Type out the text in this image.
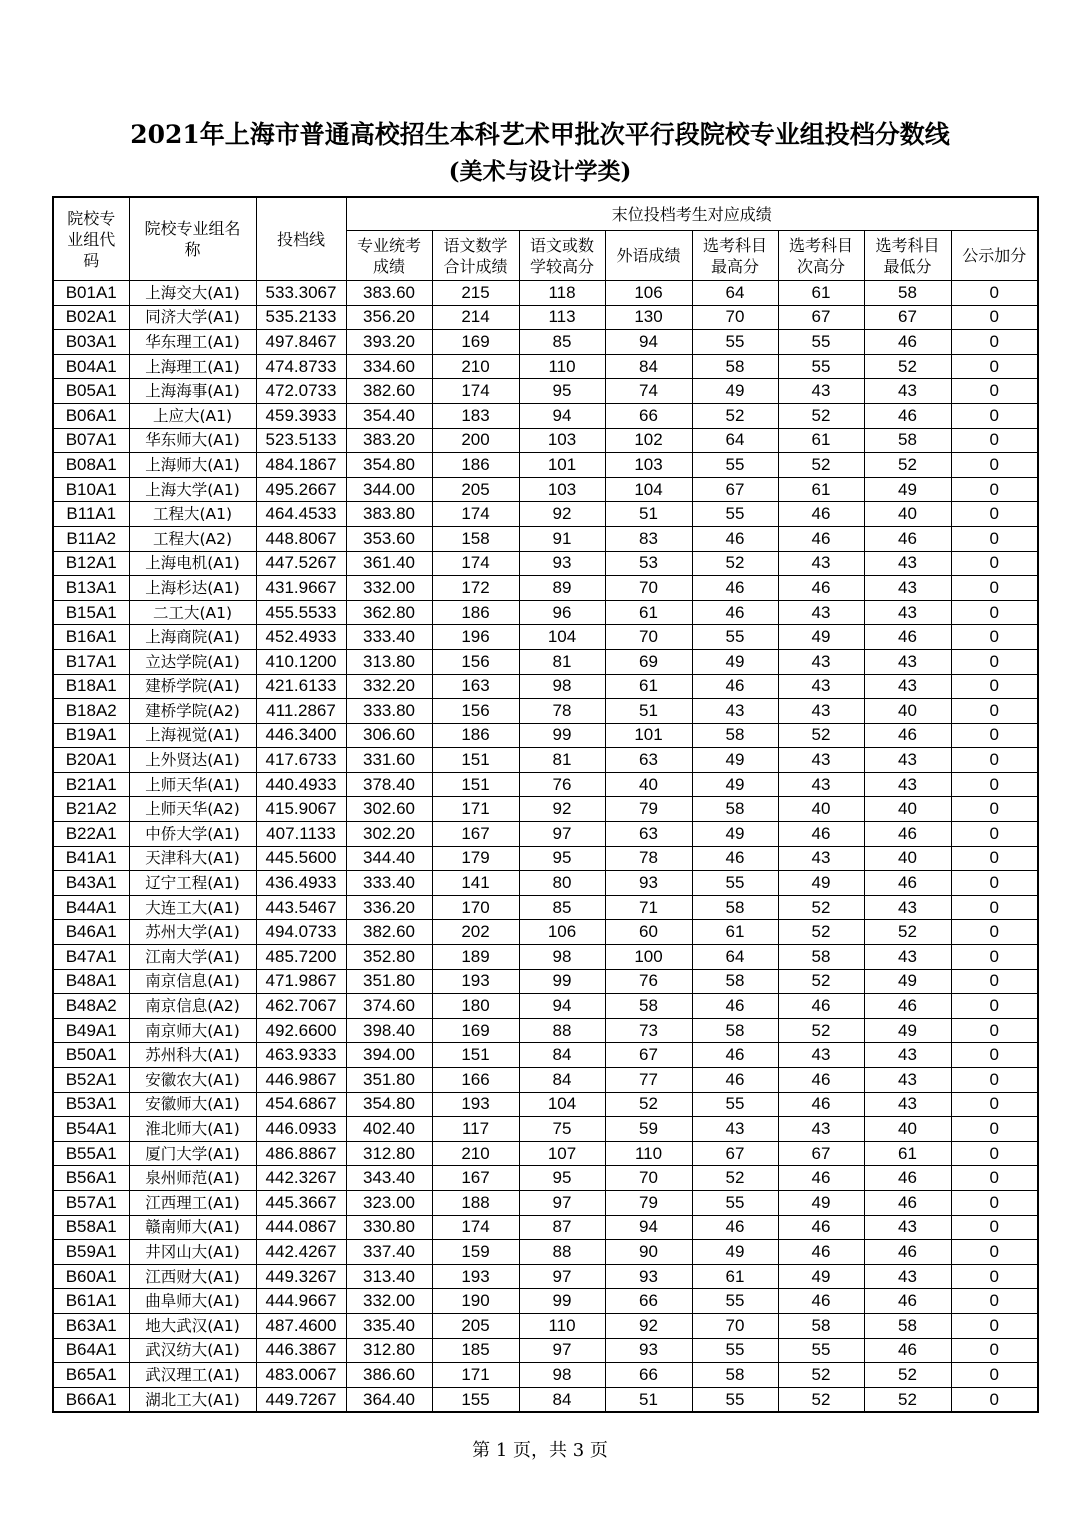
2021年上海市普通高校招生本科艺术甲批次平行段院校专业组投档分数线
(美术与设计学类)
院校专业组代码	院校专业组名称	投档线	末位投档考生对应成绩							
			专业统考成绩	语文数学合计成绩	语文或数学较高分	外语成绩	选考科目最高分	选考科目次高分	选考科目最低分	公示加分
B01A1	上海交大(A1)	533.3067	383.60	215	118	106	64	61	58	0
B02A1	同济大学(A1)	535.2133	356.20	214	113	130	70	67	67	0
B03A1	华东理工(A1)	497.8467	393.20	169	85	94	55	55	46	0
B04A1	上海理工(A1)	474.8733	334.60	210	110	84	58	55	52	0
B05A1	上海海事(A1)	472.0733	382.60	174	95	74	49	43	43	0
B06A1	上应大(A1)	459.3933	354.40	183	94	66	52	52	46	0
B07A1	华东师大(A1)	523.5133	383.20	200	103	102	64	61	58	0
B08A1	上海师大(A1)	484.1867	354.80	186	101	103	55	52	52	0
B10A1	上海大学(A1)	495.2667	344.00	205	103	104	67	61	49	0
B11A1	工程大(A1)	464.4533	383.80	174	92	51	55	46	40	0
B11A2	工程大(A2)	448.8067	353.60	158	91	83	46	46	46	0
B12A1	上海电机(A1)	447.5267	361.40	174	93	53	52	43	43	0
B13A1	上海杉达(A1)	431.9667	332.00	172	89	70	46	46	43	0
B15A1	二工大(A1)	455.5533	362.80	186	96	61	46	43	43	0
B16A1	上海商院(A1)	452.4933	333.40	196	104	70	55	49	46	0
B17A1	立达学院(A1)	410.1200	313.80	156	81	69	49	43	43	0
B18A1	建桥学院(A1)	421.6133	332.20	163	98	61	46	43	43	0
B18A2	建桥学院(A2)	411.2867	333.80	156	78	51	43	43	40	0
B19A1	上海视觉(A1)	446.3400	306.60	186	99	101	58	52	46	0
B20A1	上外贤达(A1)	417.6733	331.60	151	81	63	49	43	43	0
B21A1	上师天华(A1)	440.4933	378.40	151	76	40	49	43	43	0
B21A2	上师天华(A2)	415.9067	302.60	171	92	79	58	40	40	0
B22A1	中侨大学(A1)	407.1133	302.20	167	97	63	49	46	46	0
B41A1	天津科大(A1)	445.5600	344.40	179	95	78	46	43	40	0
B43A1	辽宁工程(A1)	436.4933	333.40	141	80	93	55	49	46	0
B44A1	大连工大(A1)	443.5467	336.20	170	85	71	58	52	43	0
B46A1	苏州大学(A1)	494.0733	382.60	202	106	60	61	52	52	0
B47A1	江南大学(A1)	485.7200	352.80	189	98	100	64	58	43	0
B48A1	南京信息(A1)	471.9867	351.80	193	99	76	58	52	49	0
B48A2	南京信息(A2)	462.7067	374.60	180	94	58	46	46	46	0
B49A1	南京师大(A1)	492.6600	398.40	169	88	73	58	52	49	0
B50A1	苏州科大(A1)	463.9333	394.00	151	84	67	46	43	43	0
B52A1	安徽农大(A1)	446.9867	351.80	166	84	77	46	46	43	0
B53A1	安徽师大(A1)	454.6867	354.80	193	104	52	55	46	43	0
B54A1	淮北师大(A1)	446.0933	402.40	117	75	59	43	43	40	0
B55A1	厦门大学(A1)	486.8867	312.80	210	107	110	67	67	61	0
B56A1	泉州师范(A1)	442.3267	343.40	167	95	70	52	46	46	0
B57A1	江西理工(A1)	445.3667	323.00	188	97	79	55	49	46	0
B58A1	赣南师大(A1)	444.0867	330.80	174	87	94	46	46	43	0
B59A1	井冈山大(A1)	442.4267	337.40	159	88	90	49	46	46	0
B60A1	江西财大(A1)	449.3267	313.40	193	97	93	61	49	43	0
B61A1	曲阜师大(A1)	444.9667	332.00	190	99	66	55	46	46	0
B63A1	地大武汉(A1)	487.4600	335.40	205	110	92	70	58	58	0
B64A1	武汉纺大(A1)	446.3867	312.80	185	97	93	55	55	46	0
B65A1	武汉理工(A1)	483.0067	386.60	171	98	66	58	52	52	0
B66A1	湖北工大(A1)	449.7267	364.40	155	84	51	55	52	52	0
第 1 页，共 3 页
